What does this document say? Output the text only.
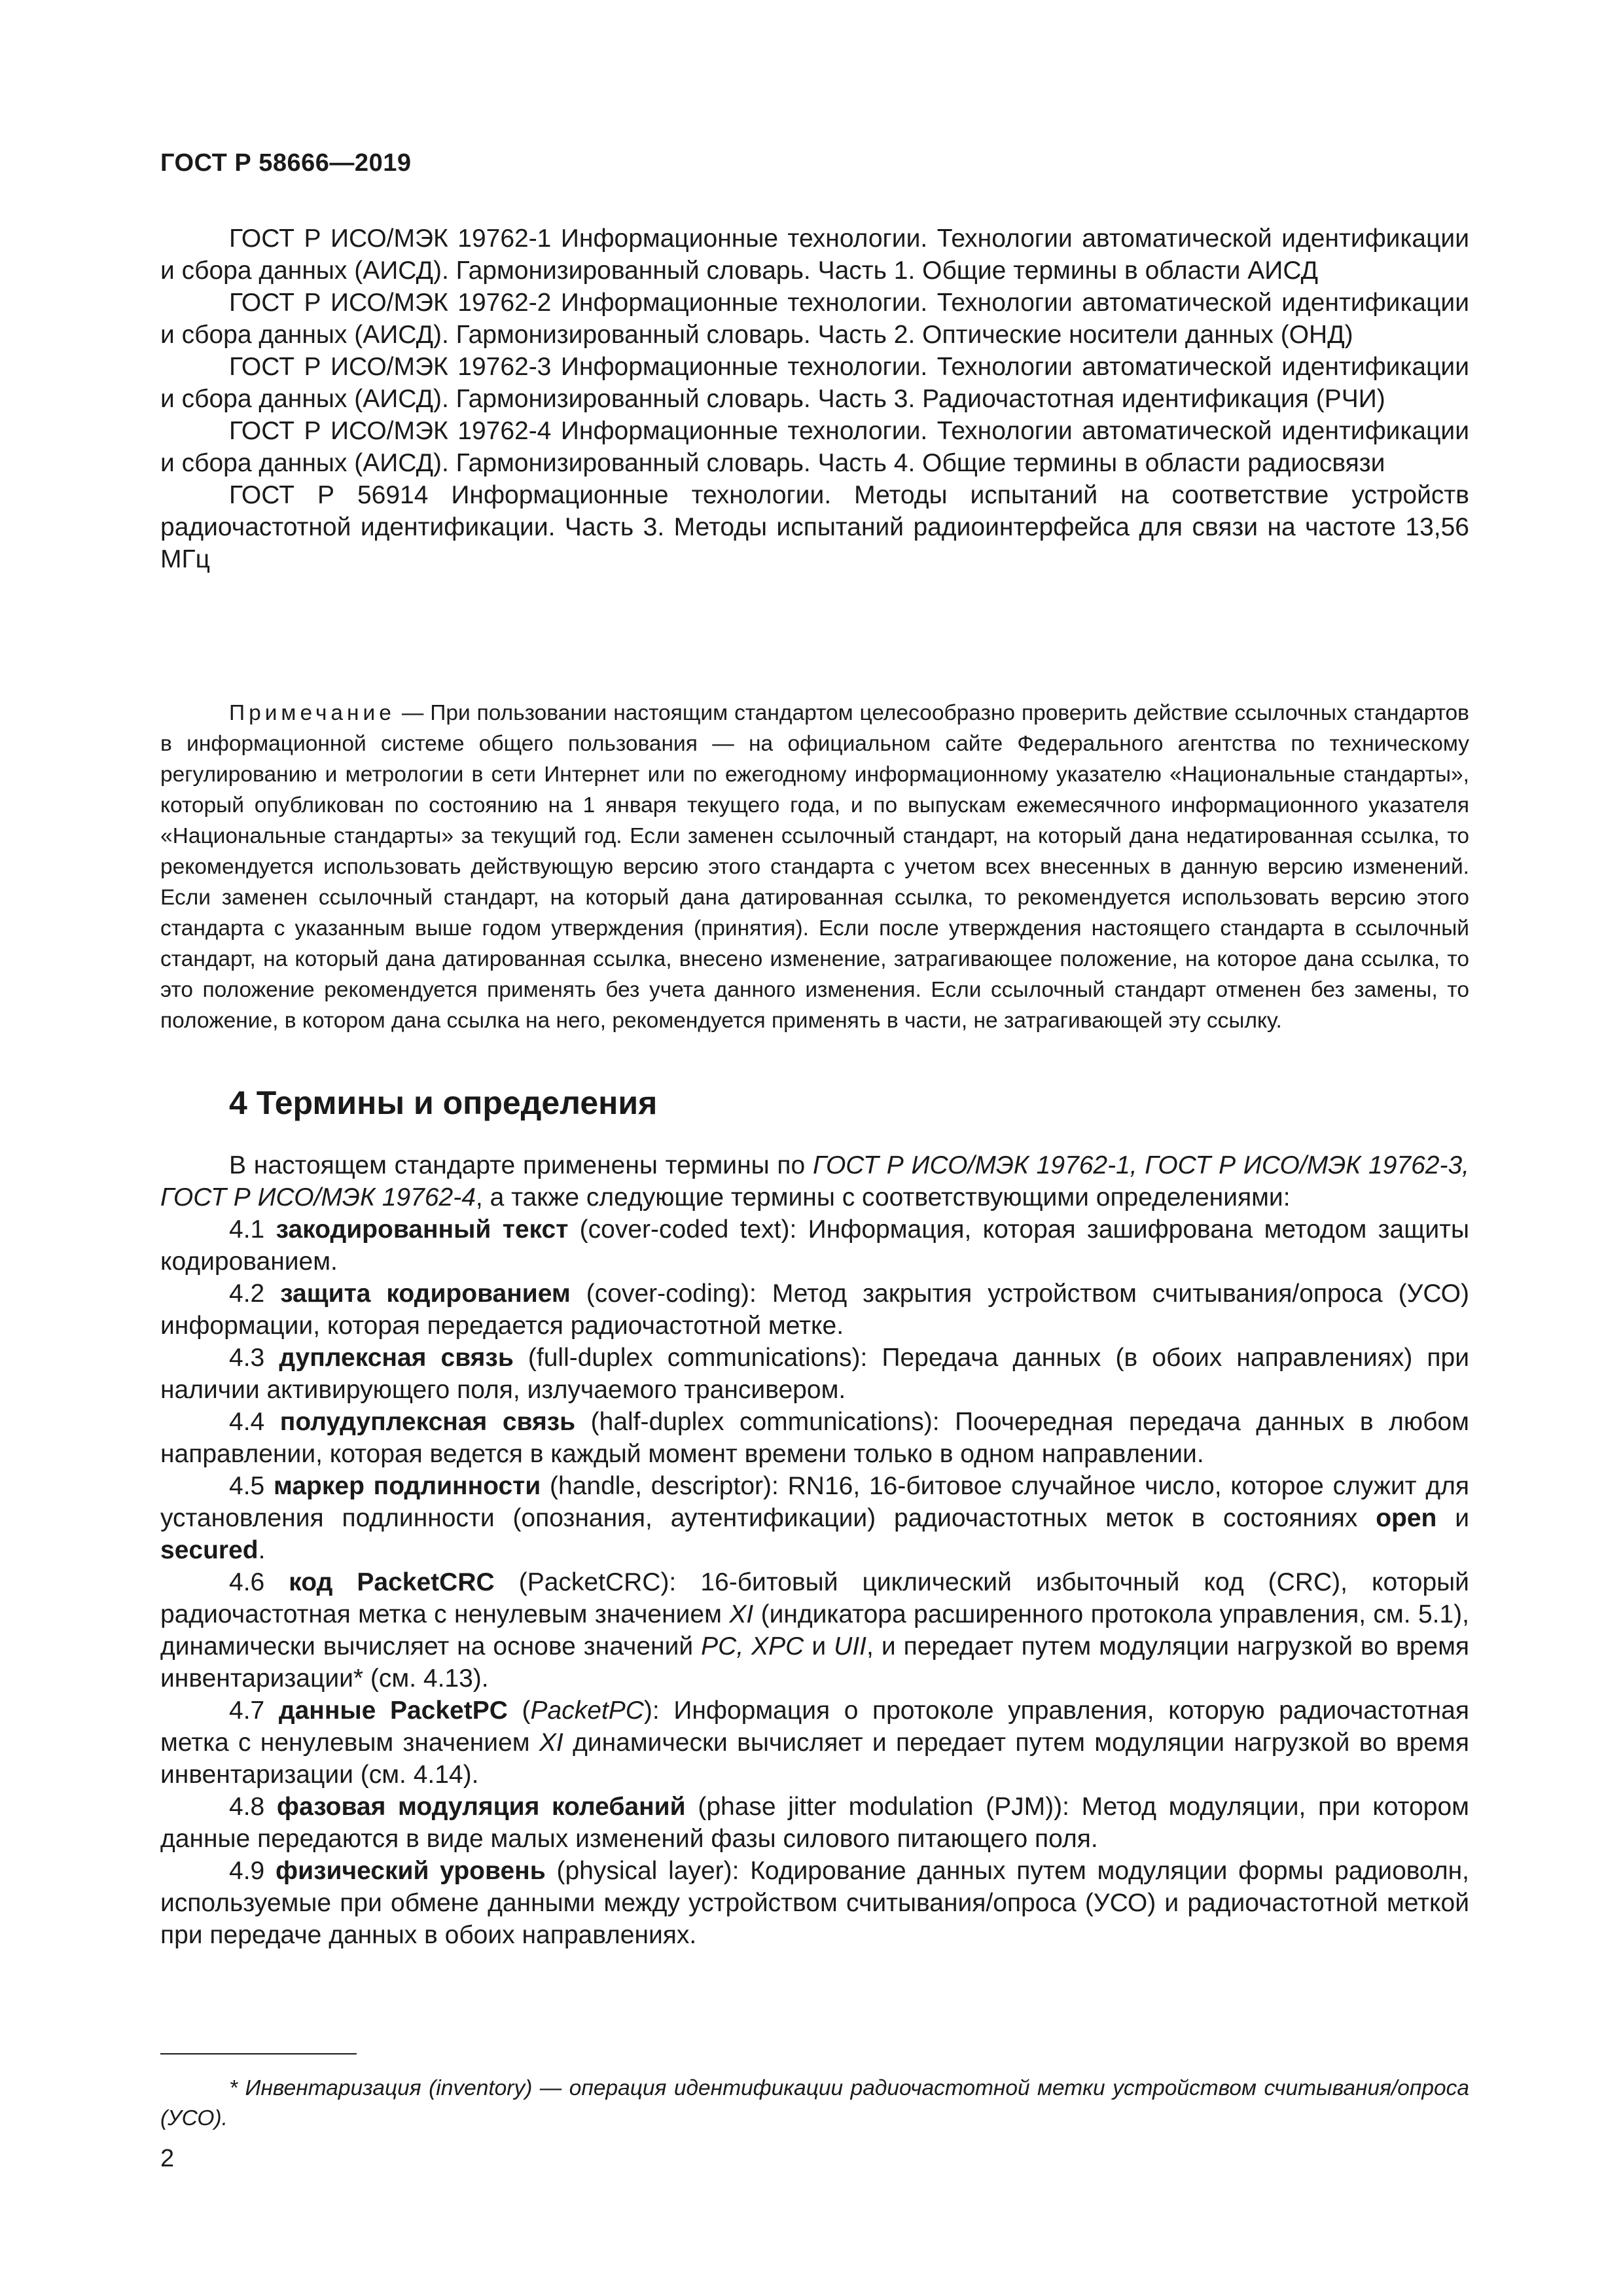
ГОСТ Р 58666—2019

ГОСТ Р ИСО/МЭК 19762-1 Информационные технологии. Технологии автоматической идентификации и сбора данных (АИСД). Гармонизированный словарь. Часть 1. Общие термины в области АИСД

ГОСТ Р ИСО/МЭК 19762-2 Информационные технологии. Технологии автоматической идентификации и сбора данных (АИСД). Гармонизированный словарь. Часть 2. Оптические носители данных (ОНД)

ГОСТ Р ИСО/МЭК 19762-3 Информационные технологии. Технологии автоматической идентификации и сбора данных (АИСД). Гармонизированный словарь. Часть 3. Радиочастотная идентификация (РЧИ)

ГОСТ Р ИСО/МЭК 19762-4 Информационные технологии. Технологии автоматической идентификации и сбора данных (АИСД). Гармонизированный словарь. Часть 4. Общие термины в области радиосвязи

ГОСТ Р 56914 Информационные технологии. Методы испытаний на соответствие устройств радиочастотной идентификации. Часть 3. Методы испытаний радиоинтерфейса для связи на частоте 13,56 МГц

Примечание — При пользовании настоящим стандартом целесообразно проверить действие ссылочных стандартов в информационной системе общего пользования — на официальном сайте Федерального агентства по техническому регулированию и метрологии в сети Интернет или по ежегодному информационному указателю «Национальные стандарты», который опубликован по состоянию на 1 января текущего года, и по выпускам ежемесячного информационного указателя «Национальные стандарты» за текущий год. Если заменен ссылочный стандарт, на который дана недатированная ссылка, то рекомендуется использовать действующую версию этого стандарта с учетом всех внесенных в данную версию изменений. Если заменен ссылочный стандарт, на который дана датированная ссылка, то рекомендуется использовать версию этого стандарта с указанным выше годом утверждения (принятия). Если после утверждения настоящего стандарта в ссылочный стандарт, на который дана датированная ссылка, внесено изменение, затрагивающее положение, на которое дана ссылка, то это положение рекомендуется применять без учета данного изменения. Если ссылочный стандарт отменен без замены, то положение, в котором дана ссылка на него, рекомендуется применять в части, не затрагивающей эту ссылку.

4 Термины и определения

В настоящем стандарте применены термины по ГОСТ Р ИСО/МЭК 19762-1, ГОСТ Р ИСО/МЭК 19762-3, ГОСТ Р ИСО/МЭК 19762-4, а также следующие термины с соответствующими определениями:

4.1 закодированный текст (cover-coded text): Информация, которая зашифрована методом защиты кодированием.

4.2 защита кодированием (cover-coding): Метод закрытия устройством считывания/опроса (УСО) информации, которая передается радиочастотной метке.

4.3 дуплексная связь (full-duplex communications): Передача данных (в обоих направлениях) при наличии активирующего поля, излучаемого трансивером.

4.4 полудуплексная связь (half-duplex communications): Поочередная передача данных в любом направлении, которая ведется в каждый момент времени только в одном направлении.

4.5 маркер подлинности (handle, descriptor): RN16, 16-битовое случайное число, которое служит для установления подлинности (опознания, аутентификации) радиочастотных меток в состояниях open и secured.

4.6 код PacketCRC (PacketCRC): 16-битовый циклический избыточный код (CRC), который радиочастотная метка с ненулевым значением XI (индикатора расширенного протокола управления, см. 5.1), динамически вычисляет на основе значений PC, XPC и UII, и передает путем модуляции нагрузкой во время инвентаризации* (см. 4.13).

4.7 данные PacketPC (PacketPC): Информация о протоколе управления, которую радиочастотная метка с ненулевым значением XI динамически вычисляет и передает путем модуляции нагрузкой во время инвентаризации (см. 4.14).

4.8 фазовая модуляция колебаний (phase jitter modulation (PJM)): Метод модуляции, при котором данные передаются в виде малых изменений фазы силового питающего поля.

4.9 физический уровень (physical layer): Кодирование данных путем модуляции формы радиоволн, используемые при обмене данными между устройством считывания/опроса (УСО) и радиочастотной меткой при передаче данных в обоих направлениях.

* Инвентаризация (inventory) — операция идентификации радиочастотной метки устройством считывания/опроса (УСО).

2
